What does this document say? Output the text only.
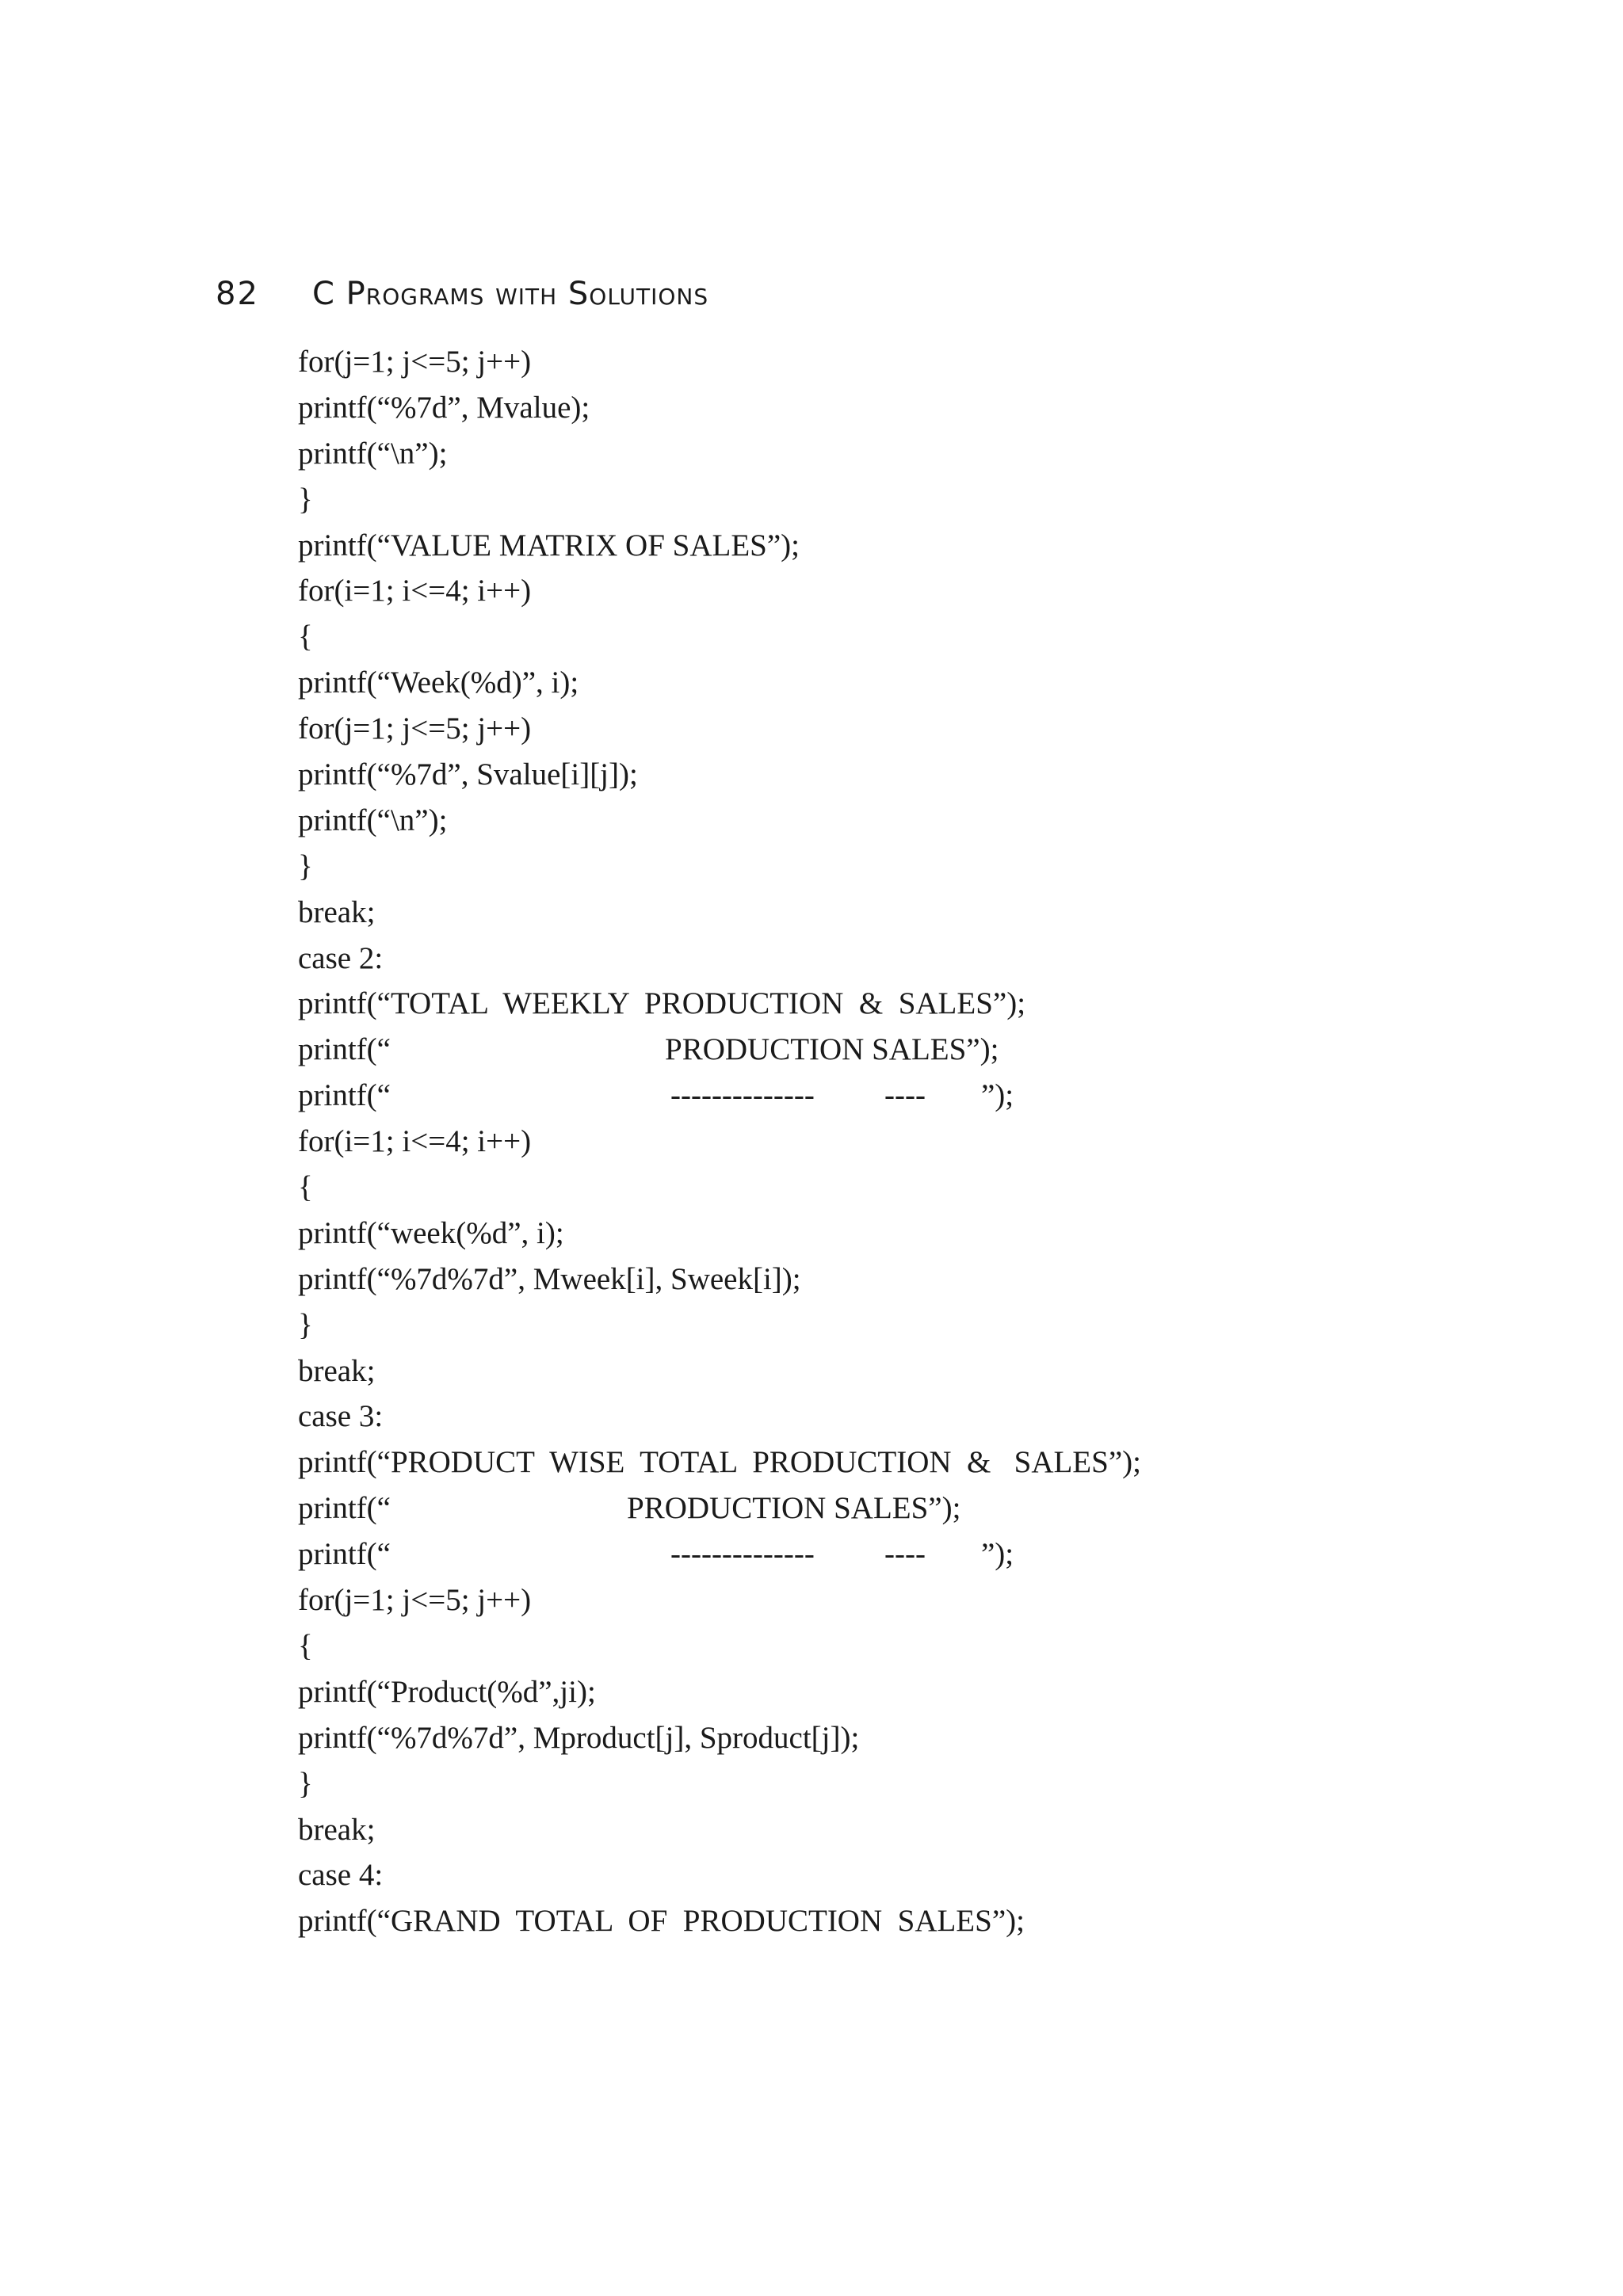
82	C Programs with Solutions
for(j=1; j<=5; j++)
printf(“%7d”, Mvalue);
printf(“\n”);
}
printf(“VALUE MATRIX OF SALES”);
for(i=1; i<=4; i++)
{
printf(“Week(%d)”, i);
for(j=1; j<=5; j++)
printf(“%7d”, Svalue[i][j]);
printf(“\n”);
}
break;
case 2:
printf(“TOTAL  WEEKLY  PRODUCTION  &  SALES”);
printf(“	PRODUCTION SALES”);
printf(“	-------------- ---- ”);
for(i=1; i<=4; i++)
{
printf(“week(%d”, i);
printf(“%7d%7d”, Mweek[i], Sweek[i]);
}
break;
case 3:
printf(“PRODUCT  WISE  TOTAL  PRODUCTION  &   SALES”);
printf(“	PRODUCTION SALES”);
printf(“	-------------- ---- ”);
for(j=1; j<=5; j++)
{
printf(“Product(%d”,ji);
printf(“%7d%7d”, Mproduct[j], Sproduct[j]);
}
break;
case 4:
printf(“GRAND  TOTAL  OF  PRODUCTION  SALES”);
